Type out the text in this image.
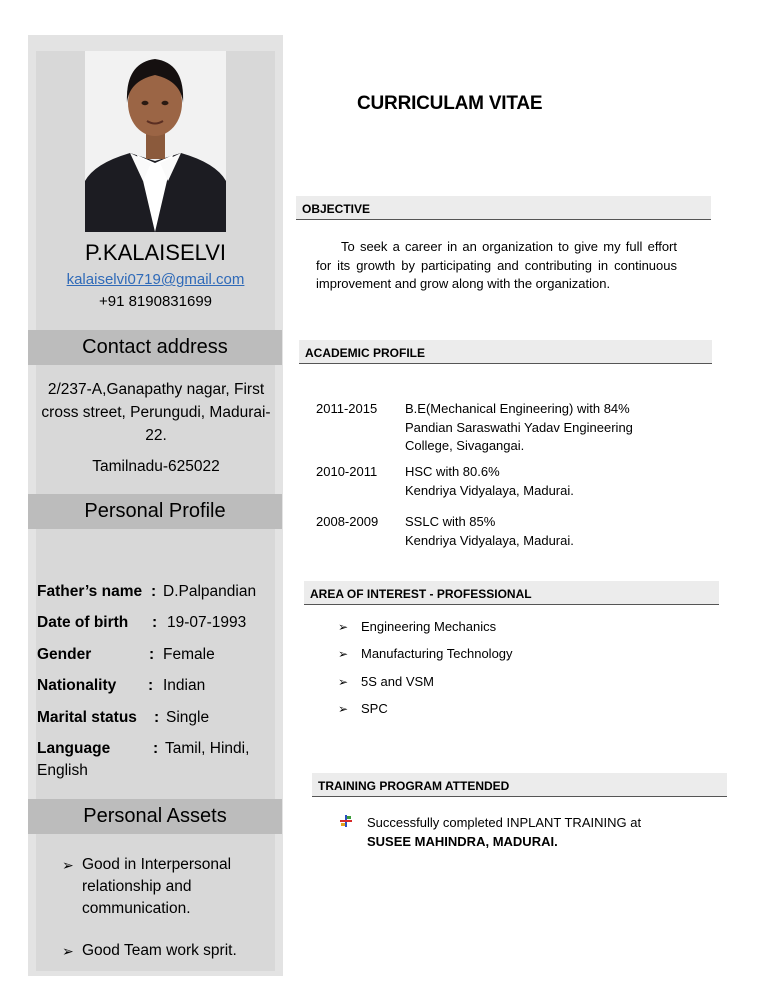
P.KALAISELVI
kalaiselvi0719@gmail.com
+91 8190831699
Contact address
2/237-A,Ganapathy nagar, First cross street, Perungudi, Madurai-22.
Tamilnadu-625022
Personal Profile
Father’s name : D.Palpandian
Date of birth : 19-07-1993
Gender	: Female
Nationality : Indian
Marital status : Single
Language	: Tamil, Hindi,
English
Personal Assets
➢ Good in Interpersonal relationship and communication.
➢ Good Team work sprit.
CURRICULAM VITAE
OBJECTIVE
To seek a career in an organization to give my full effort for its growth by participating and contributing in continuous improvement and grow along with the organization.
ACADEMIC PROFILE
2011-2015	B.E(Mechanical Engineering) with 84%
Pandian Saraswathi Yadav Engineering
College, Sivagangai.
2010-2011	HSC with 80.6%
Kendriya Vidyalaya, Madurai.
2008-2009	SSLC with 85%
Kendriya Vidyalaya, Madurai.
AREA OF INTEREST - PROFESSIONAL
➢ Engineering Mechanics
➢ Manufacturing Technology
➢ 5S and VSM
➢ SPC
TRAINING PROGRAM ATTENDED
Successfully completed INPLANT TRAINING at
SUSEE MAHINDRA, MADURAI.
